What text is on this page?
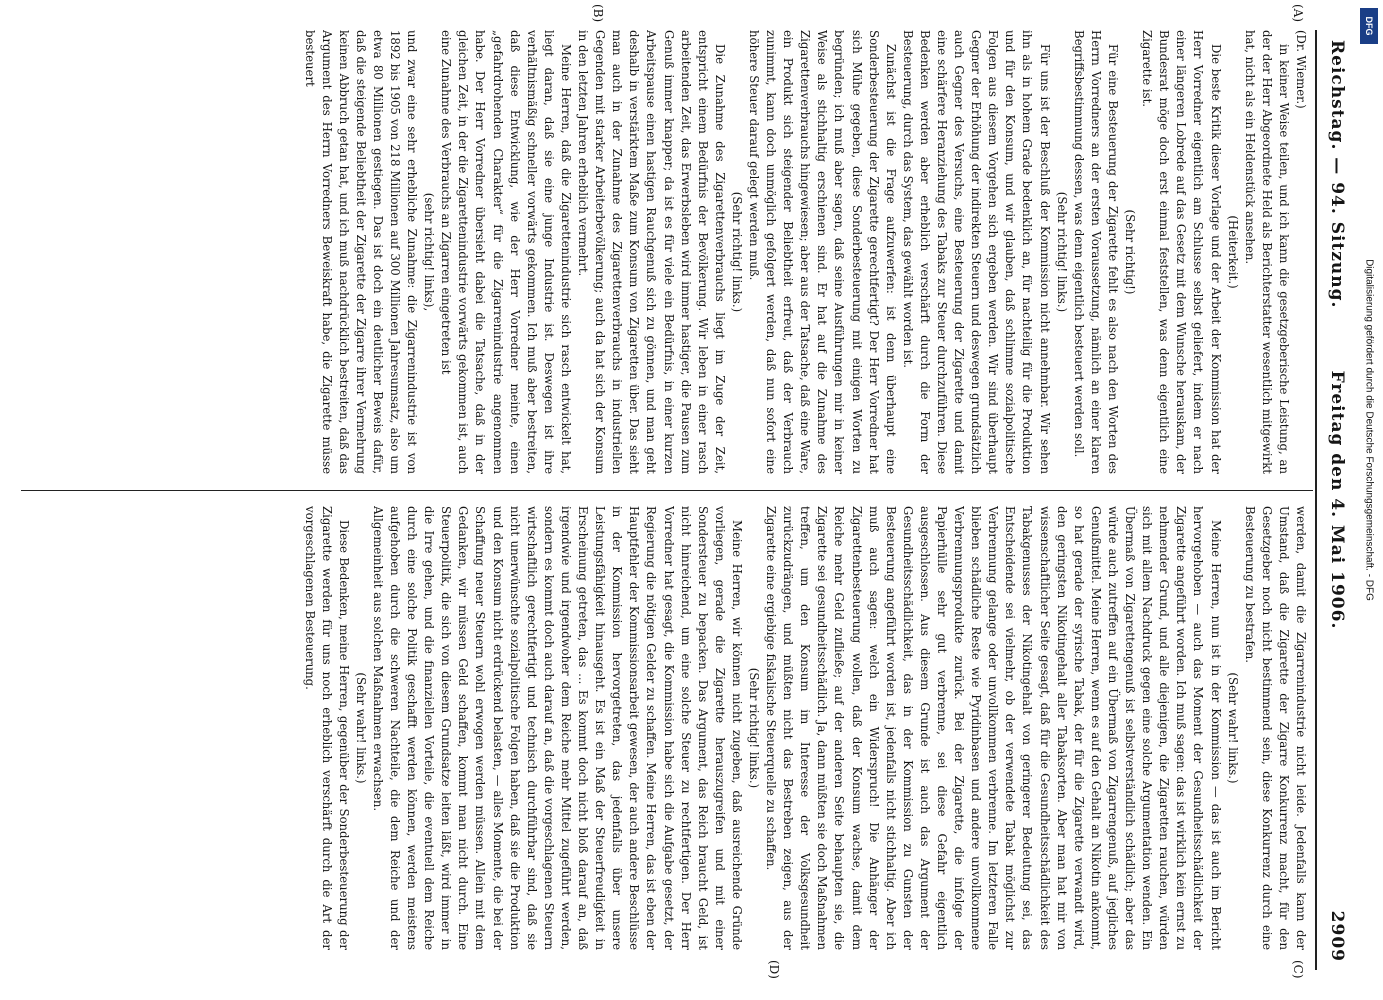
Reichstag. — 94. Sitzung.
Freitag den 4. Mai 1906.
2909
(A)
(B)
(C)
(D)

(Dr. Wiemer.)

in keiner Weise teilen, und ich kann die gesetzgeberische Leistung, an der der Herr Abgeordnete Held als Berichterstatter wesentlich mitgewirkt hat, nicht als ein Heldenstück ansehen.

(Heiterkeit.)

Die beste Kritik dieser Vorlage und der Arbeit der Kommission hat der Herr Vorredner eigentlich am Schlusse selbst geliefert, indem er nach einer längeren Lobrede auf das Gesetz mit dem Wunsche herauskam, der Bundesrat möge doch erst einmal feststellen, was denn eigentlich eine Zigarette ist.

(Sehr richtig!)

Für eine Besteuerung der Zigarette fehlt es also nach den Worten des Herrn Vorredners an der ersten Voraussetzung, nämlich an einer klaren Begriffsbestimmung dessen, was denn eigentlich besteuert werden soll.

(Sehr richtig! links.)

Für uns ist der Beschluß der Kommission nicht annehmbar. Wir sehen ihn als in hohem Grade bedenklich an, für nachteilig für die Produktion und für den Konsum, und wir glauben, daß schlimme sozialpolitische Folgen aus diesem Vorgehen sich ergeben werden. Wir sind überhaupt Gegner der Erhöhung der indirekten Steuern und deswegen grundsätzlich auch Gegner des Versuchs, eine Besteuerung der Zigarette und damit eine schärfere Heranziehung des Tabaks zur Steuer durchzuführen. Diese Bedenken werden aber erheblich verschärft durch die Form der Besteuerung, durch das System, das gewählt worden ist.

Zunächst ist die Frage aufzuwerfen: ist denn überhaupt eine Sonderbesteuerung der Zigarette gerechtfertigt? Der Herr Vorredner hat sich Mühe gegeben, diese Sonderbesteuerung mit einigen Worten zu begründen; ich muß aber sagen, daß seine Ausführungen mir in keiner Weise als stichhaltig erschienen sind. Er hat auf die Zunahme des Zigarettenverbrauchs hingewiesen; aber aus der Tatsache, daß eine Ware, ein Produkt sich steigender Beliebtheit erfreut, daß der Verbrauch zunimmt, kann doch unmöglich gefolgert werden, daß nun sofort eine höhere Steuer darauf gelegt werden muß.

(Sehr richtig! links.)

Die Zunahme des Zigarettenverbrauchs liegt im Zuge der Zeit, entspricht einem Bedürfnis der Bevölkerung. Wir leben in einer rasch arbeitenden Zeit, das Erwerbsleben wird immer hastiger, die Pausen zum Genuß immer knapper; da ist es für viele ein Bedürfnis, in einer kurzen Arbeitspause einen hastigen Rauchgenuß sich zu gönnen, und man geht deshalb in verstärktem Maße zum Konsum von Zigaretten über. Das sieht man auch in der Zunahme des Zigarettenverbrauchs in industriellen Gegenden mit starker Arbeiterbevölkerung; auch da hat sich der Konsum in den letzten Jahren erheblich vermehrt.

Meine Herren, daß die Zigarettenindustrie sich rasch entwickelt hat, liegt daran, daß sie eine junge Industrie ist. Deswegen ist ihre verhältnismäßig schneller vorwärts gekommen. Ich muß aber bestreiten, daß diese Entwicklung, wie der Herr Vorredner meinte, einen „gefahrdrohenden Charakter“ für die Zigarrenindustrie angenommen habe. Der Herr Vorredner übersieht dabei die Tatsache, daß in der gleichen Zeit, in der die Zigarettenindustrie vorwärts gekommen ist, auch eine Zunahme des Verbrauchs an Zigarren eingetreten ist

(sehr richtig! links),

und zwar eine sehr erhebliche Zunahme: die Zigarrenindustrie ist von 1892 bis 1905 von 218 Millionen auf 300 Millionen Jahresumsatz, also um etwa 80 Millionen gestiegen. Das ist doch ein deutlicher Beweis dafür, daß die steigende Beliebtheit der Zigarette der Zigarre ihrer Vermehrung keinen Abbruch getan hat, und ich muß nachdrücklich bestreiten, daß das Argument des Herrn Vorredners Beweiskraft habe, die Zigarette müsse besteuert

werden, damit die Zigarrenindustrie nicht leide. Jedenfalls kann der Umstand, daß die Zigarette der Zigarre Konkurrenz macht, für den Gesetzgeber noch nicht bestimmend sein, diese Konkurrenz durch eine Besteuerung zu bestrafen.

(Sehr wahr! links.)

Meine Herren, nun ist in der Kommission — das ist auch im Bericht hervorgehoben — auch das Moment der Gesundheitsschädlichkeit der Zigarette angeführt worden. Ich muß sagen: das ist wirklich kein ernst zu nehmender Grund, und alle diejenigen, die Zigaretten rauchen, würden sich mit allem Nachdruck gegen eine solche Argumentation wenden. Ein Übermaß von Zigarettengenuß ist selbstverständlich schädlich; aber das würde auch zutreffen auf ein Übermaß von Zigarrengenuß, auf jegliches Genußmittel. Meine Herren, wenn es auf den Gehalt an Nikotin ankommt, so hat gerade der syrische Tabak, der für die Zigarette verwandt wird, den geringsten Nikotingehalt aller Tabaksorten. Aber man hat mir von wissenschaftlicher Seite gesagt, daß für die Gesundheitsschädlichkeit des Tabakgenusses der Nikotingehalt von geringerer Bedeutung sei, das Entscheidende sei vielmehr, ob der verwendete Tabak möglichst zur Verbrennung gelange oder unvollkommen verbrenne. Im letzteren Falle blieben schädliche Reste wie Pyridinbasen und andere unvollkommene Verbrennungsprodukte zurück. Bei der Zigarette, die infolge der Papierhülle sehr gut verbrenne, sei diese Gefahr eigentlich ausgeschlossen. Aus diesem Grunde ist auch das Argument der Gesundheitsschädlichkeit, das in der Kommission zu Gunsten der Besteuerung angeführt worden ist, jedenfalls nicht stichhaltig. Aber ich muß auch sagen: welch ein Widerspruch! Die Anhänger der Zigarettenbesteuerung wollen, daß der Konsum wachse, damit dem Reiche mehr Geld zufließe; auf der anderen Seite behaupten sie, die Zigarette sei gesundheitsschädlich. Ja, dann müßten sie doch Maßnahmen treffen, um den Konsum im Interesse der Volksgesundheit zurückzudrängen, und müßten nicht das Bestreben zeigen, aus der Zigarette eine ergiebige fiskalische Steuerquelle zu schaffen.

(Sehr richtig! links.)

Meine Herren, wir können nicht zugeben, daß ausreichende Gründe vorliegen, gerade die Zigarette herauszugreifen und mit einer Sondersteuer zu bepacken. Das Argument, das Reich braucht Geld, ist nicht hinreichend, um eine solche Steuer zu rechtfertigen. Der Herr Vorredner hat gesagt, die Kommission habe sich die Aufgabe gesetzt, der Regierung die nötigen Gelder zu schaffen. Meine Herren, das ist eben der Hauptfehler der Kommissionsarbeit gewesen, der auch andere Beschlüsse in der Kommission hervorgetreten, das jedenfalls über unsere Leistungsfähigkeit hinausgeht. Es ist ein Maß der Steuerfreudigkeit in Erscheinung getreten, das ... Es kommt doch nicht bloß darauf an, daß irgendwie und irgendwoher dem Reiche mehr Mittel zugeführt werden, sondern es kommt doch auch darauf an, daß die vorgeschlagenen Steuern wirtschaftlich gerechtfertigt und technisch durchführbar sind, daß sie nicht unerwünschte sozialpolitische Folgen haben, daß sie die Produktion und den Konsum nicht erdrückend belasten, — alles Momente, die bei der Schaffung neuer Steuern wohl erwogen werden müssen. Allein mit dem Gedanken, wir müssen Geld schaffen, kommt man nicht durch. Eine Steuerpolitik, die sich von diesem Grundsatze leiten läßt, wird immer in die Irre gehen, und die finanziellen Vorteile, die eventuell dem Reiche durch eine solche Politik geschafft werden können, werden meistens aufgehoben durch die schweren Nachteile, die dem Reiche und der Allgemeinheit aus solchen Maßnahmen erwachsen.

(Sehr wahr! links.)

Diese Bedenken, meine Herren, gegenüber der Sonderbesteuerung der Zigarette werden für uns noch erheblich verschärft durch die Art der vorgeschlagenen Besteuerung.

DFG
Digitalisierung gefördert durch die Deutsche Forschungsgemeinschaft. - DFG
